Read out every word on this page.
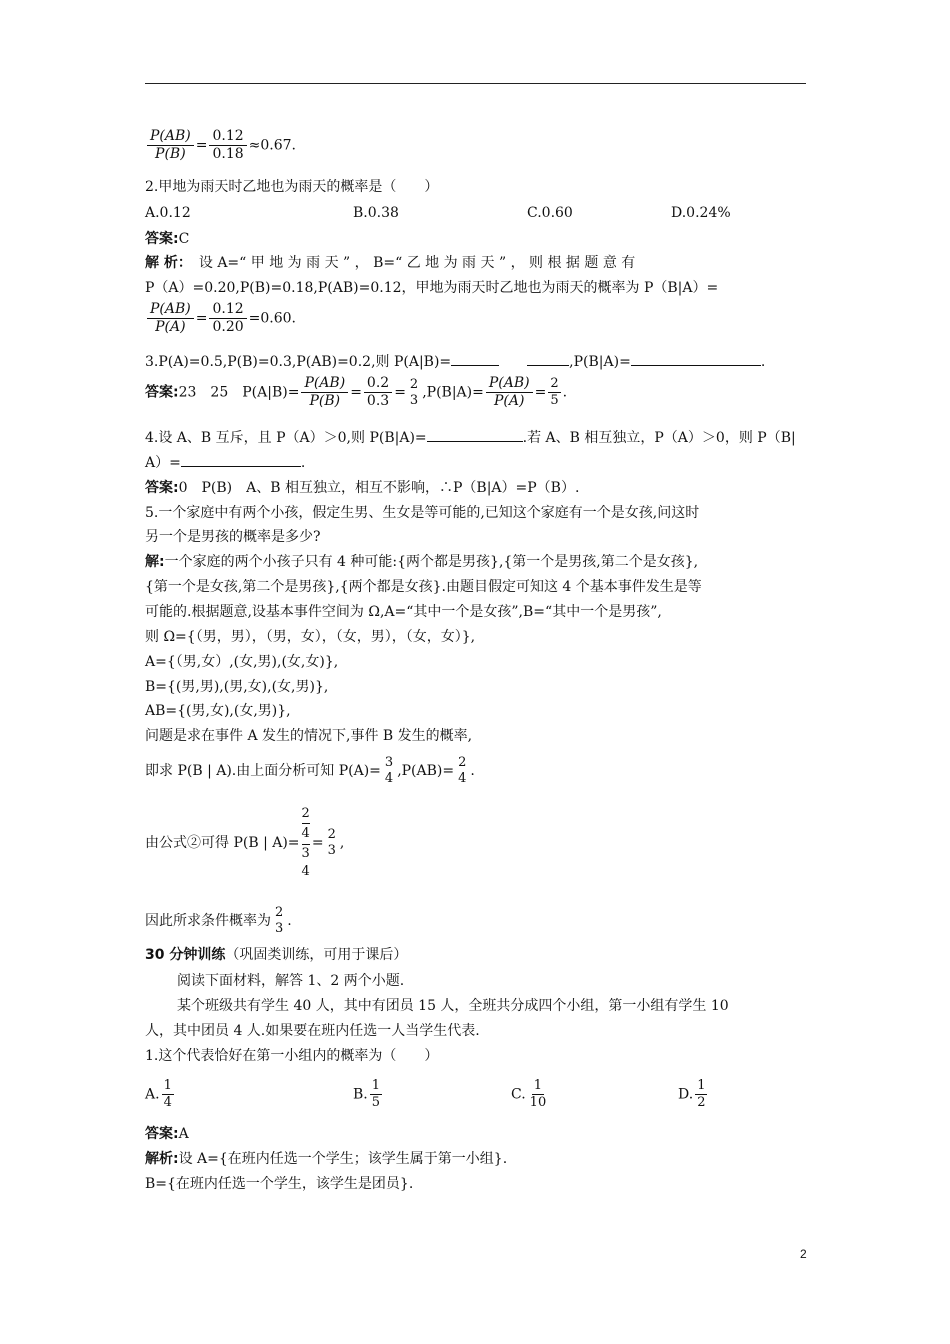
$\frac{P(AB)}{P(B)} = \frac{0.12}{0.18} \approx 0.67$.
2.甲地为雨天时乙地也为雨天的概率是（　　）
A.0.12	B.0.38	C.0.60	D.0.24%
答案:C
解 析：　 设 A=“ 甲 地 为 雨 天 ” ， B=“ 乙 地 为 雨 天 ” ， 则 根 据 题 意 有
P（A）=0.20,P(B)=0.18,P(AB)=0.12，甲地为雨天时乙地也为雨天的概率为 P（B|A）=
$\frac{P(AB)}{P(A)} = \frac{0.12}{0.20} =0.60$.
3.P(A)=0.5,P(B)=0.3,P(AB)=0.2,则 P(A|B)=	,P(B|A)=	.
答案:23　25　$P(A|B)= \frac{P(AB)}{P(B)} = \frac{0.2}{0.3}$ =
2
3 $,P(B|A)= \frac{P(AB)}{P(A)} = \frac{2}{5}$ .
4.设 A、B 互斥，且 P（A）＞0,则 P(B|A)=	.若 A、B 相互独立，P（A）＞0，则 P（B|
A）=	.
答案:0　P(B)　A、B 相互独立，相互不影响，∴P（B|A）=P（B）.
5.一个家庭中有两个小孩，假定生男、生女是等可能的,已知这个家庭有一个是女孩,问这时
另一个是男孩的概率是多少?
解:一个家庭的两个小孩子只有 4 种可能:{两个都是男孩},{第一个是男孩,第二个是女孩},
{第一个是女孩,第二个是男孩},{两个都是女孩}.由题目假定可知这 4 个基本事件发生是等
可能的.根据题意,设基本事件空间为 Ω,A=“其中一个是女孩”,B=“其中一个是男孩”,
则 Ω={（男，男），（男，女），（女，男），（女，女）},
A={（男,女）,(女,男),(女,女)},
B={(男,男),(男,女),(女,男)},
AB={(男,女),(女,男)},
问题是求在事件 A 发生的情况下,事件 B 发生的概率,
即求 P(B | A).由上面分析可知 P(A)=
3
4 ,P(AB)=
2
4 .
由公式②可得 P(B | A)=
2
4
3
4
=
2
3 ,
因此所求条件概率为
2
3 .
30 分钟训练（巩固类训练，可用于课后）
阅读下面材料，解答 1、2 两个小题.
某个班级共有学生 40 人，其中有团员 15 人，全班共分成四个小组，第一小组有学生 10
人，其中团员 4 人.如果要在班内任选一人当学生代表.
1.这个代表恰好在第一小组内的概率为（　　）
A. $\frac{1}{4}$	B. $\frac{1}{5}$	C. $\frac{1}{10}$	D. $\frac{1}{2}$
答案:A
解析:设 A={在班内任选一个学生；该学生属于第一小组}.
B={在班内任选一个学生，该学生是团员}.
2
